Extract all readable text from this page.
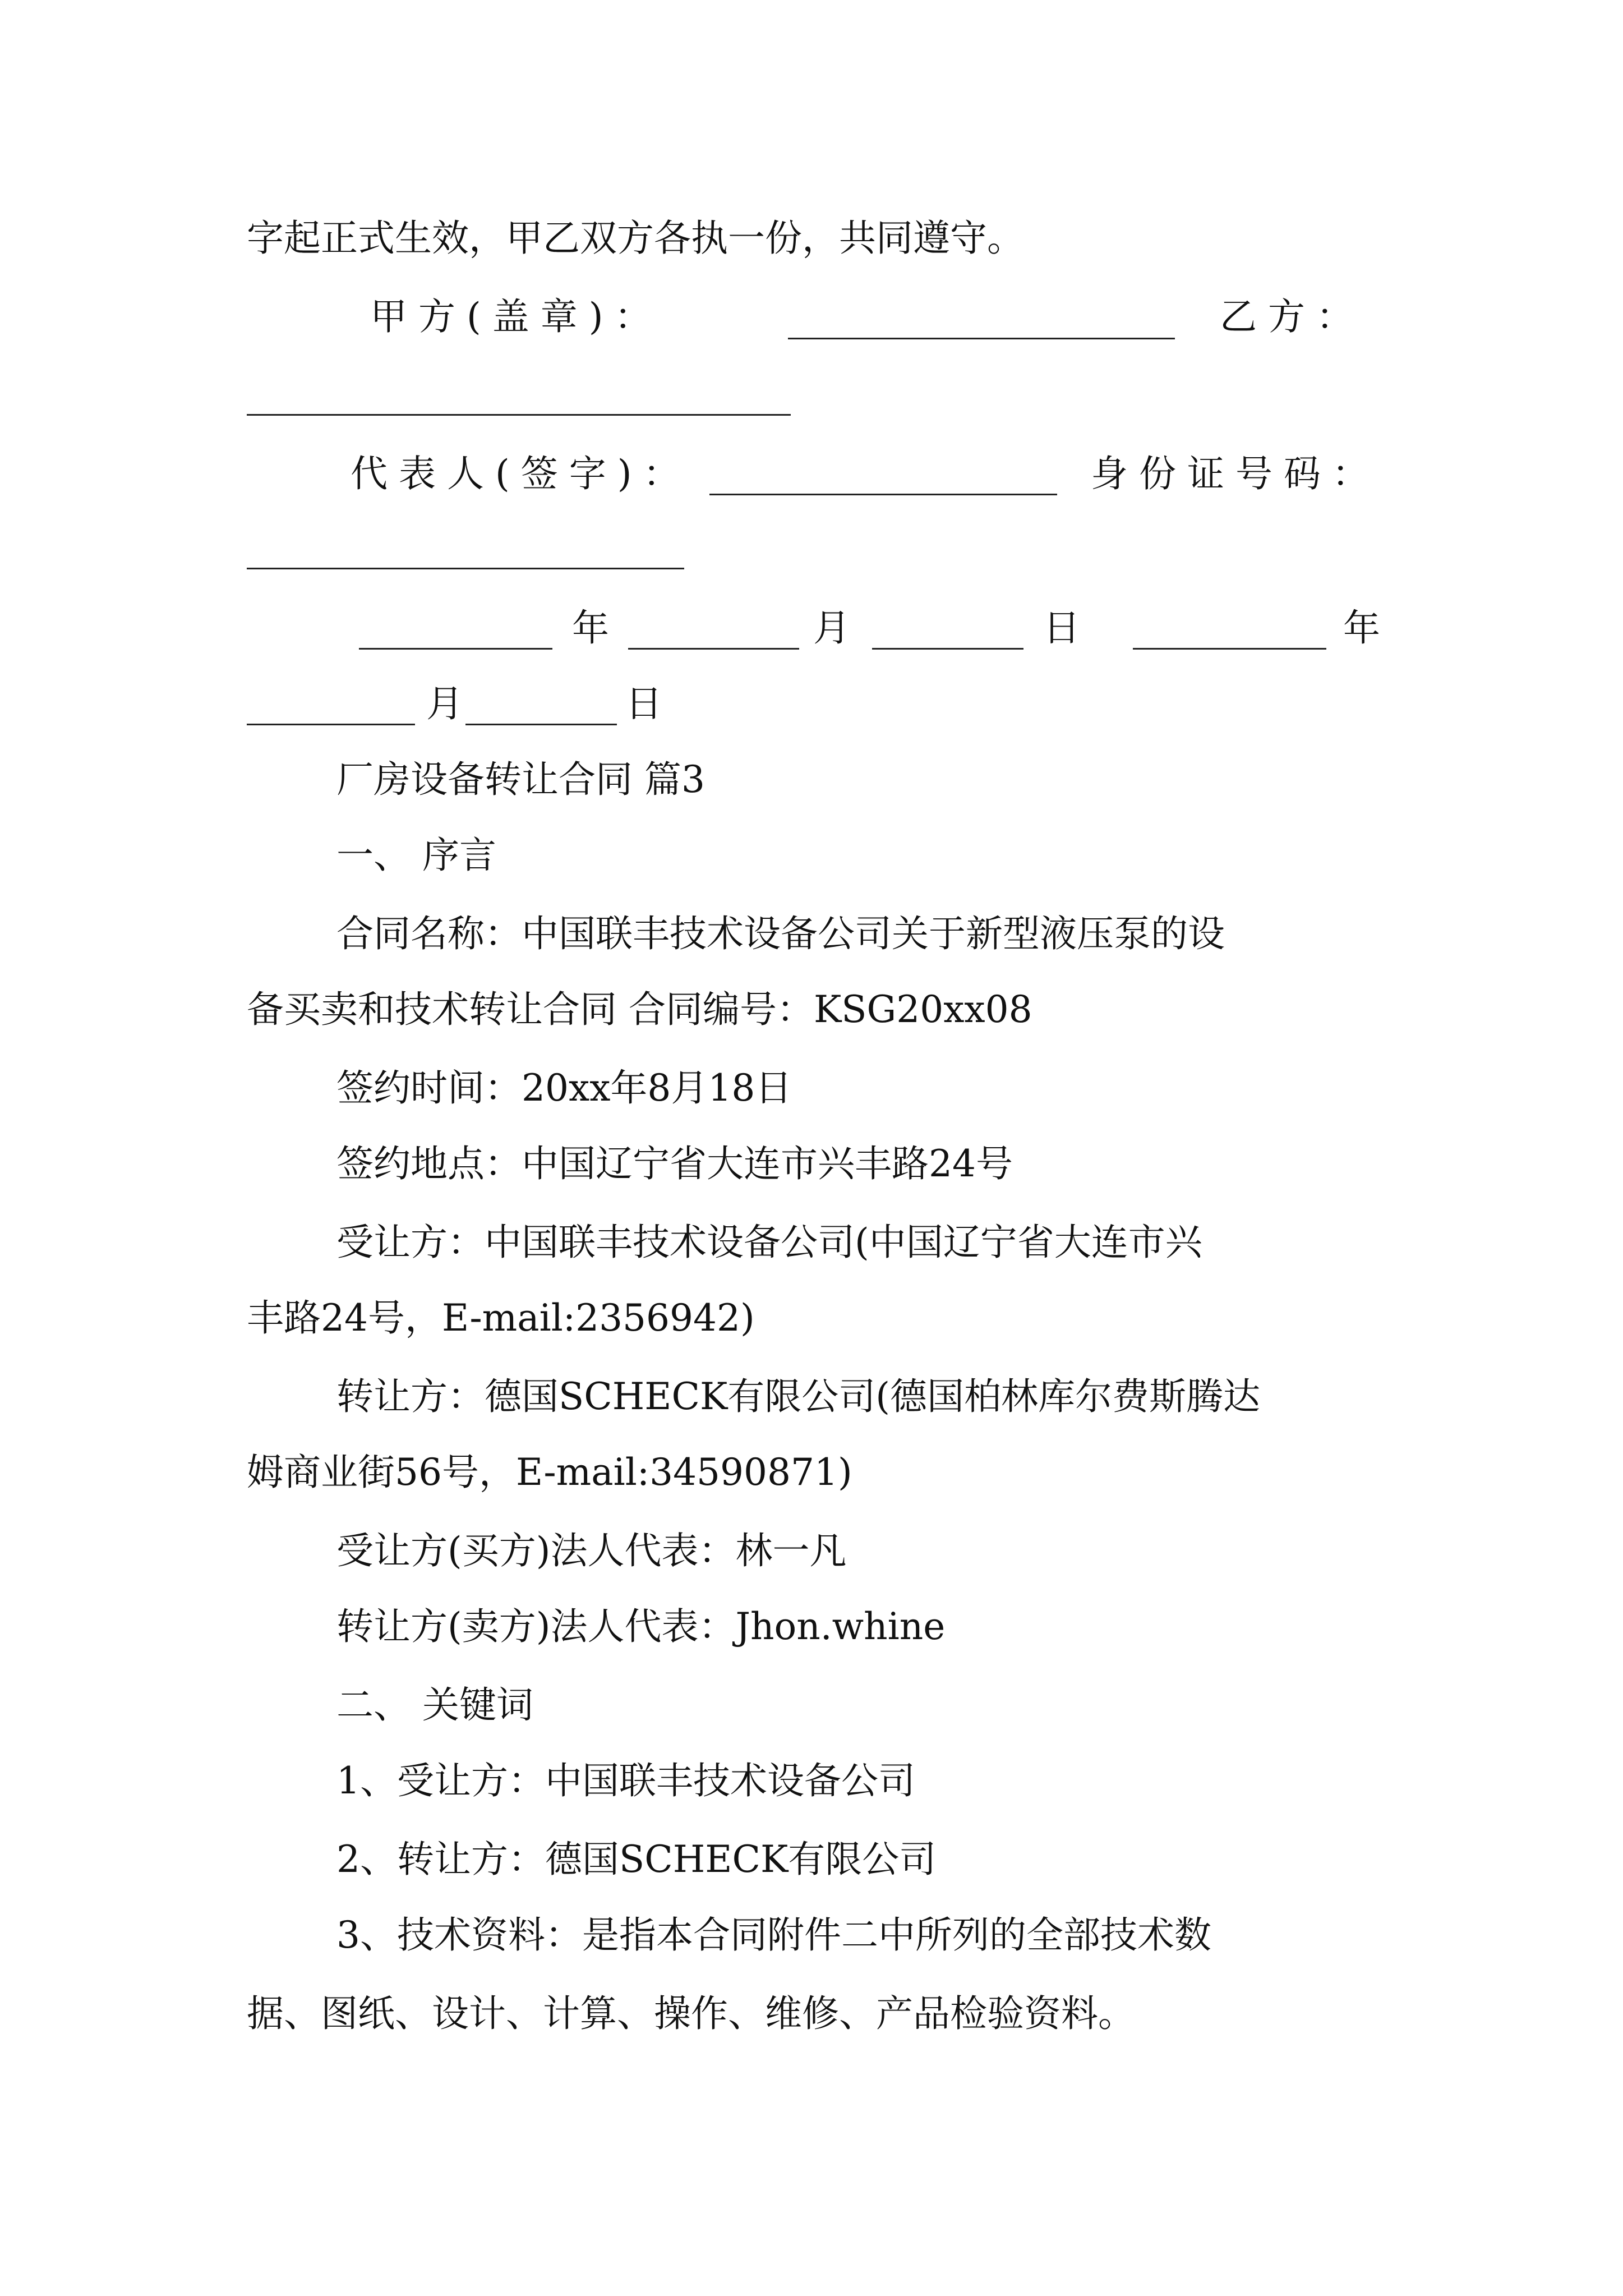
字起正式生效，甲乙双方各执一份，共同遵守。
甲方(盖章)：	乙方：
代表人(签字)：	身份证号码：
年	月	日	年
月	日
厂房设备转让合同 篇3
一、 序言
合同名称：中国联丰技术设备公司关于新型液压泵的设
备买卖和技术转让合同 合同编号：KSG20xx08
签约时间：20xx年8月18日
签约地点：中国辽宁省大连市兴丰路24号
受让方：中国联丰技术设备公司(中国辽宁省大连市兴
丰路24号，E-mail:2356942)
转让方：德国SCHECK有限公司(德国柏林库尔费斯腾达
姆商业街56号，E-mail:34590871)
受让方(买方)法人代表：林一凡
转让方(卖方)法人代表：Jhon.whine
二、 关键词
1、受让方：中国联丰技术设备公司
2、转让方：德国SCHECK有限公司
3、技术资料：是指本合同附件二中所列的全部技术数
据、图纸、设计、计算、操作、维修、产品检验资料。
